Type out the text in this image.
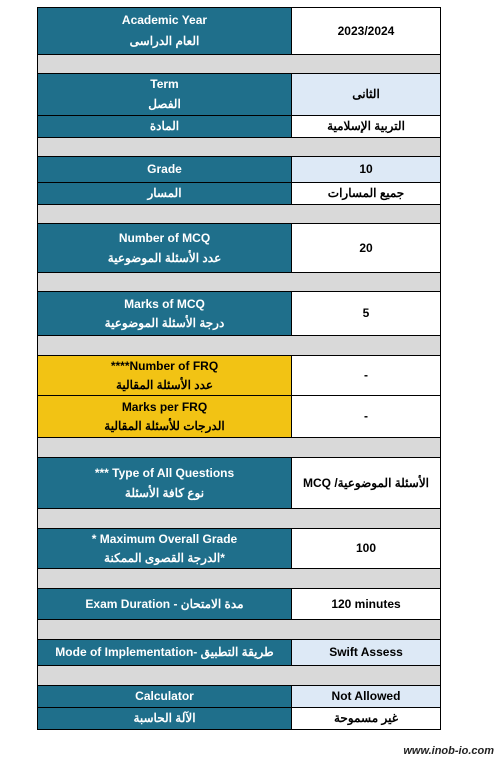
Academic Year
العام الدراسى	2023/2024

Term
الفصل	الثانى
المادة	التربية الإسلامية

Grade	10
المسار	جميع المسارات

Number of MCQ
عدد الأسئلة الموضوعية	20

Marks of MCQ
درجة الأسئلة الموضوعية	5

****Number of FRQ
عدد الأسئلة المقالية	-

Marks per FRQ
الدرجات للأسئلة المقالية	-

*** Type of All Questions
نوع كافة الأسئلة	الأسئلة الموضوعية/ MCQ

* Maximum Overall Grade
*الدرجة القصوى الممكنة	100

Exam Duration - مدة الامتحان	120 minutes

Mode of Implementation- طريقة التطبيق	Swift Assess

Calculator	Not Allowed
الآلة الحاسبة	غير مسموحة
www.inob-io.com
